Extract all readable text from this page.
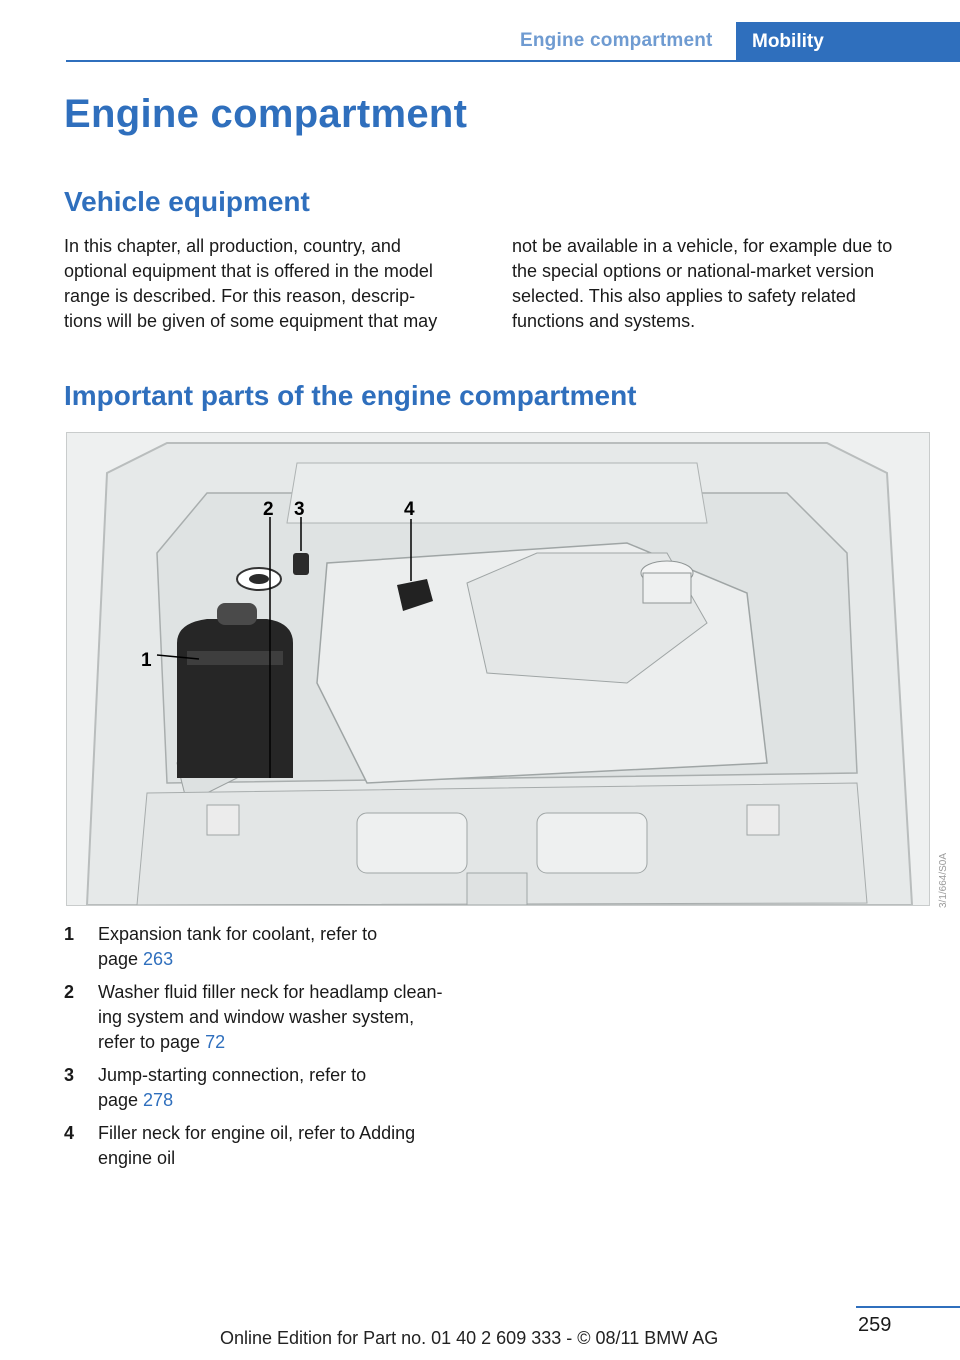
Engine compartment Mobility
Engine compartment
Vehicle equipment

In this chapter, all production, country, and
optional equipment that is offered in the model
range is described. For this reason, descrip-
tions will be given of some equipment that may

not be available in a vehicle, for example due to
the special options or national-market version
selected. This also applies to safety related
functions and systems.

Important parts of the engine compartment
1
2 3	4
3/1/664/S0A
1 Expansion tank for coolant, refer to
page 263
2 Washer fluid filler neck for headlamp clean-
ing system and window washer system,
refer to page 72
3 Jump-starting connection, refer to
page 278
4 Filler neck for engine oil, refer to Adding
engine oil
259
Online Edition for Part no. 01 40 2 609 333 - © 08/11 BMW AG
